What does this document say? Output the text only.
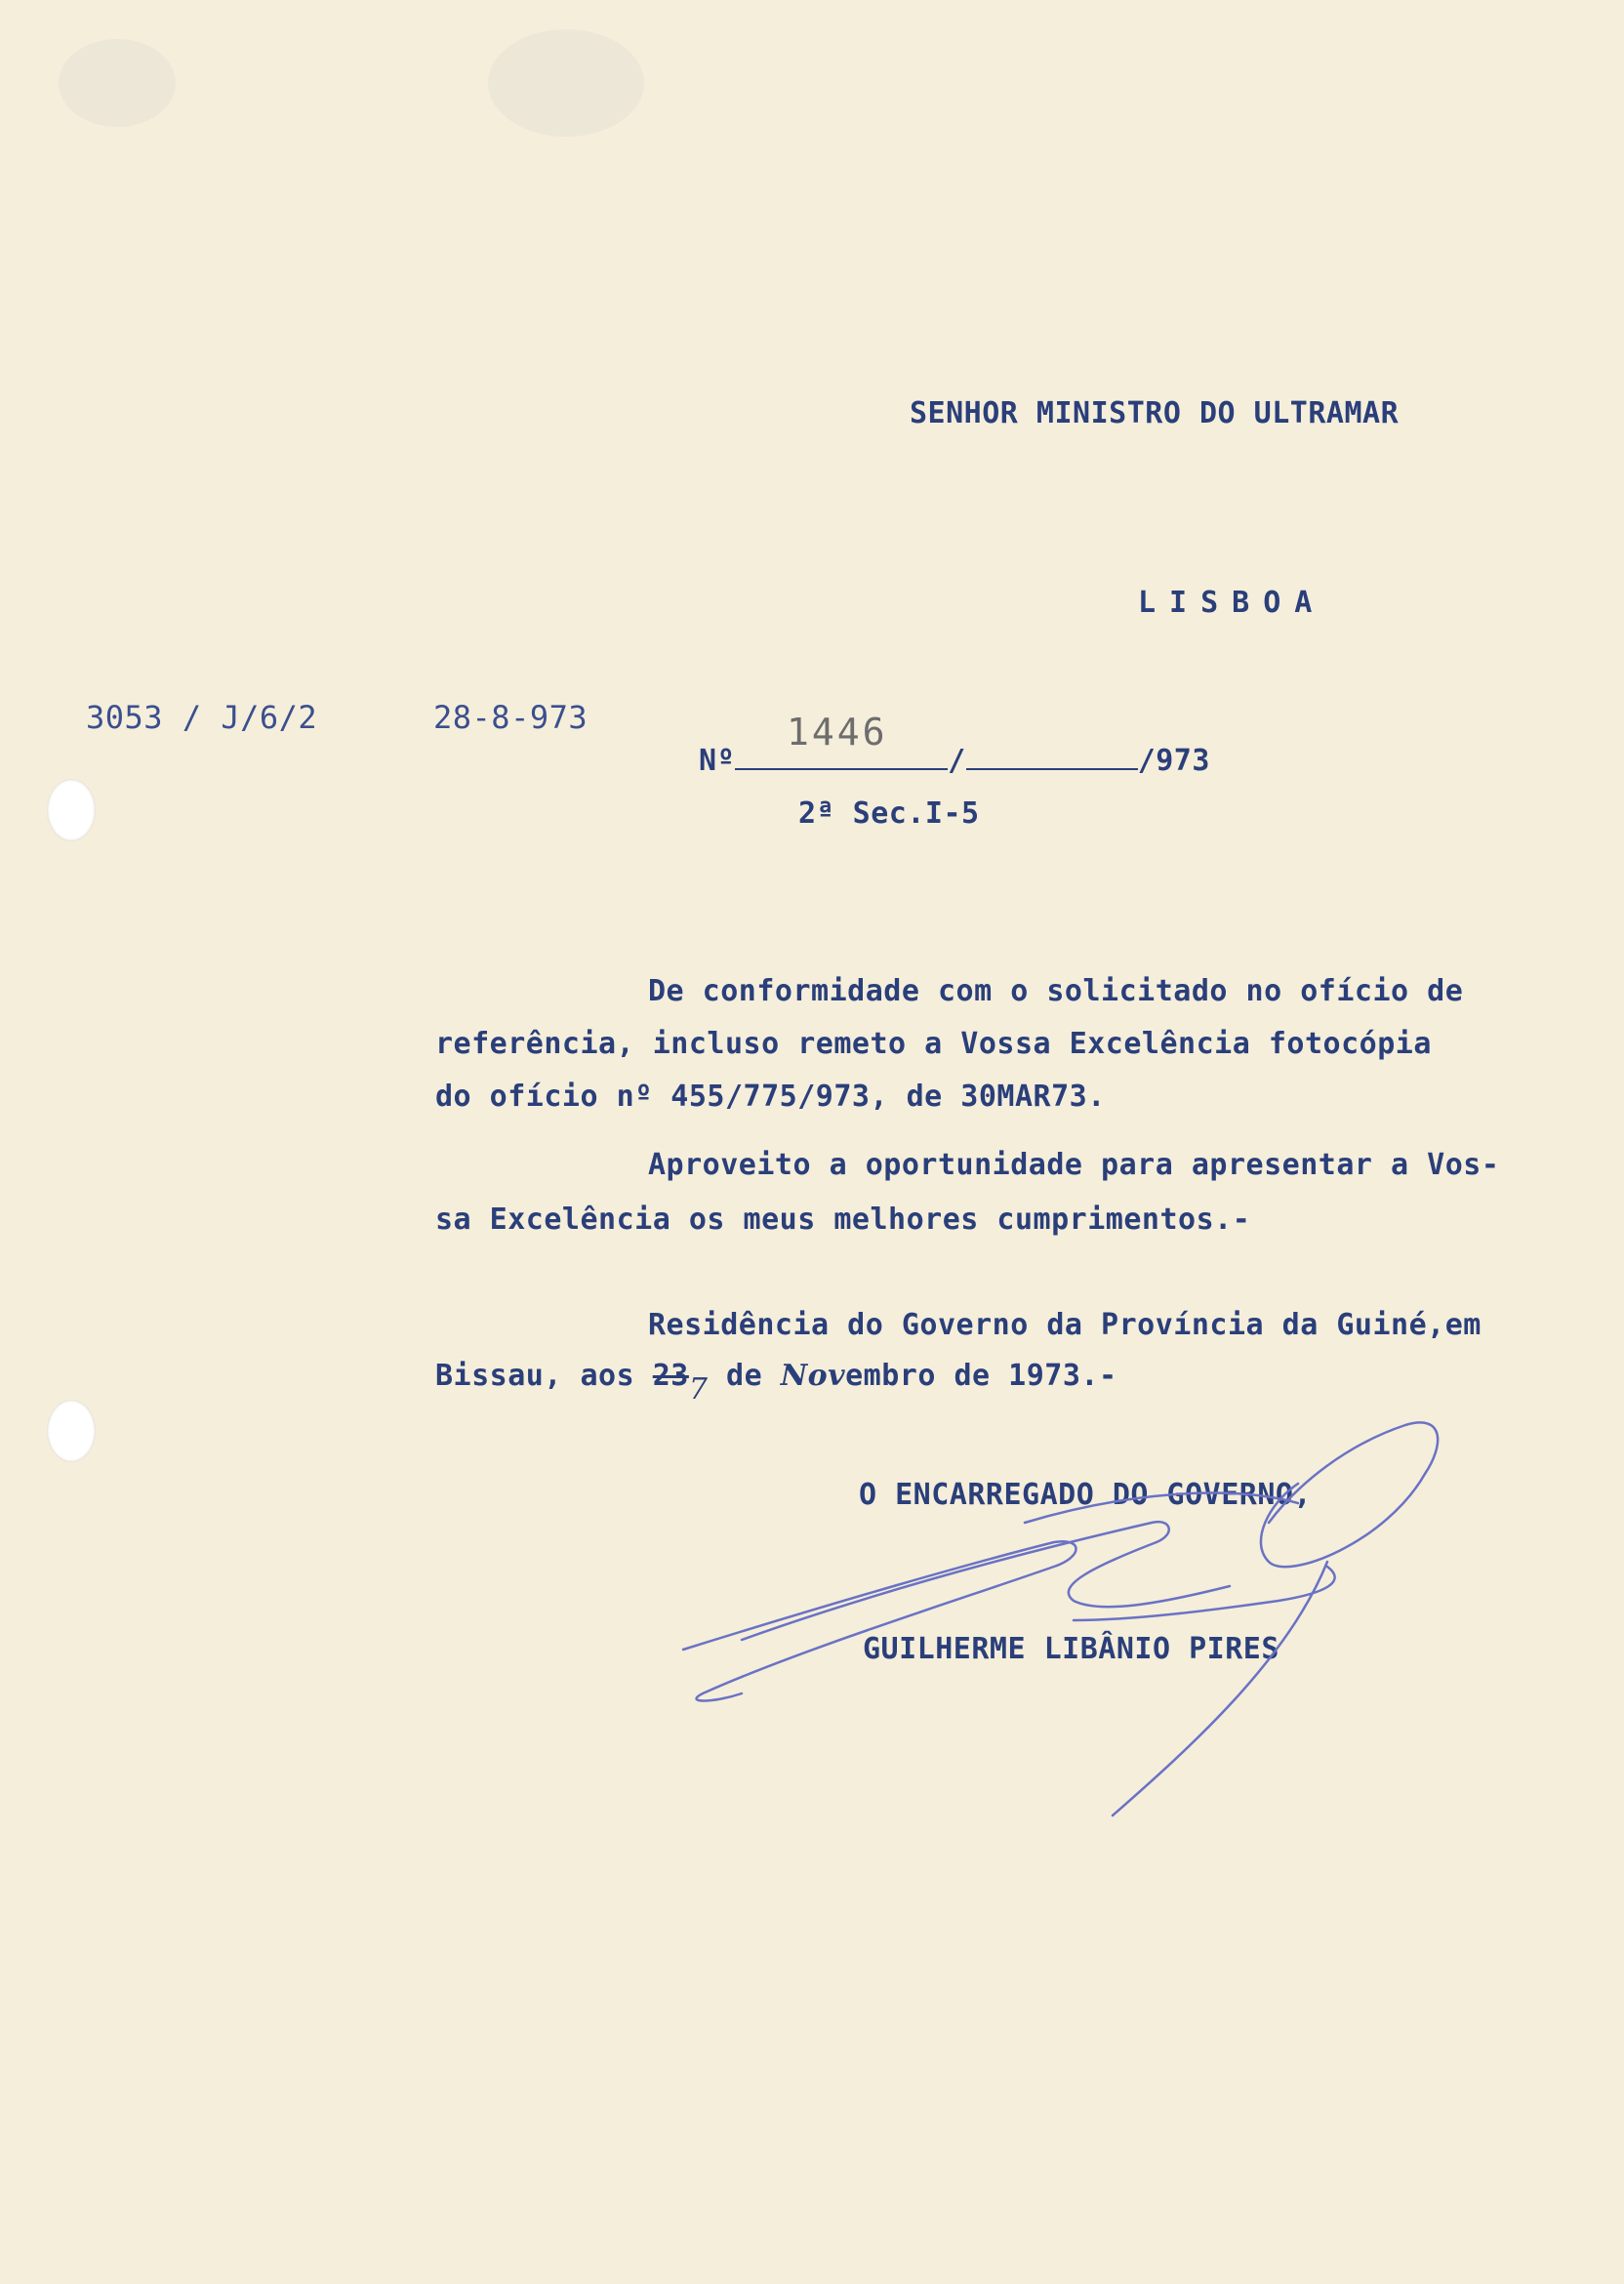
SENHOR MINISTRO DO ULTRAMAR
LISBOA
3053 / J/6/2	28-8-973	1446
Nº	/	/973
2ª Sec.I-5
De conformidade com o solicitado no ofício de
referência, incluso remeto a Vossa Excelência fotocópia
do ofício nº 455/775/973, de 30MAR73.
Aproveito a oportunidade para apresentar a Vos-
sa Excelência os meus melhores cumprimentos.-
Residência do Governo da Província da Guiné,em
Bissau, aos 237 de Novembro de 1973.-
O ENCARREGADO DO GOVERNO,
GUILHERME LIBÂNIO PIRES
